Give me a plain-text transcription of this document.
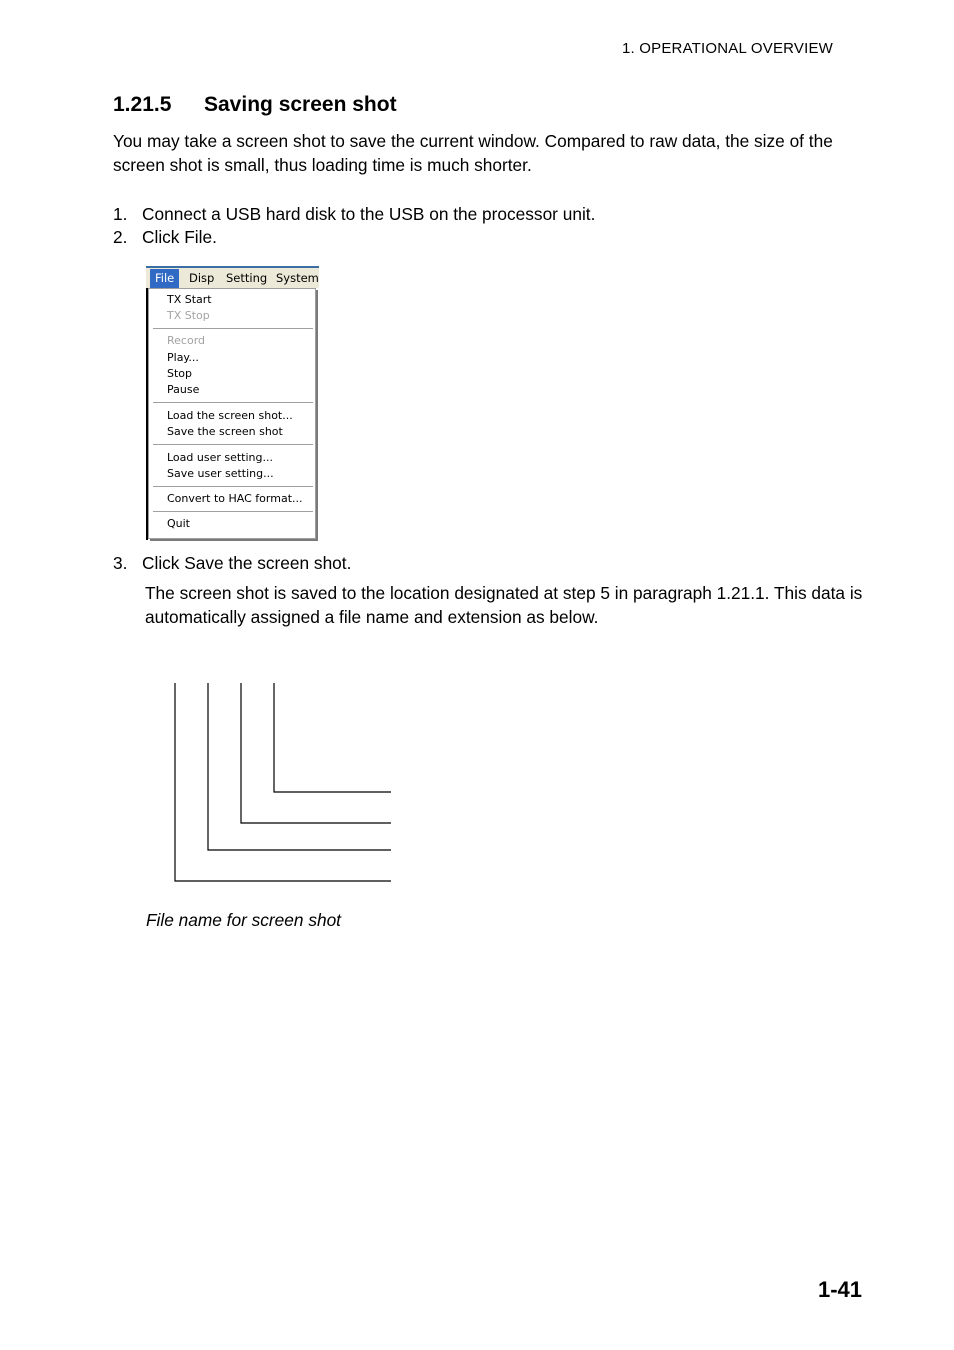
1. OPERATIONAL OVERVIEW
1.21.5 Saving screen shot
You may take a screen shot to save the current window. Compared to raw data, the size of the screen shot is small, thus loading time is much shorter.
1. Connect a USB hard disk to the USB on the processor unit.
2. Click File.
File	Disp Setting System
TX Start
TX Stop
Record
Play...
Stop
Pause
Load the screen shot...
Save the screen shot
Load user setting...
Save user setting...
Convert to HAC format...
Quit
3. Click Save the screen shot.
The screen shot is saved to the location designated at step 5 in paragraph 1.21.1. This data is automatically assigned a file name and extension as below.
File name for screen shot
1-41
